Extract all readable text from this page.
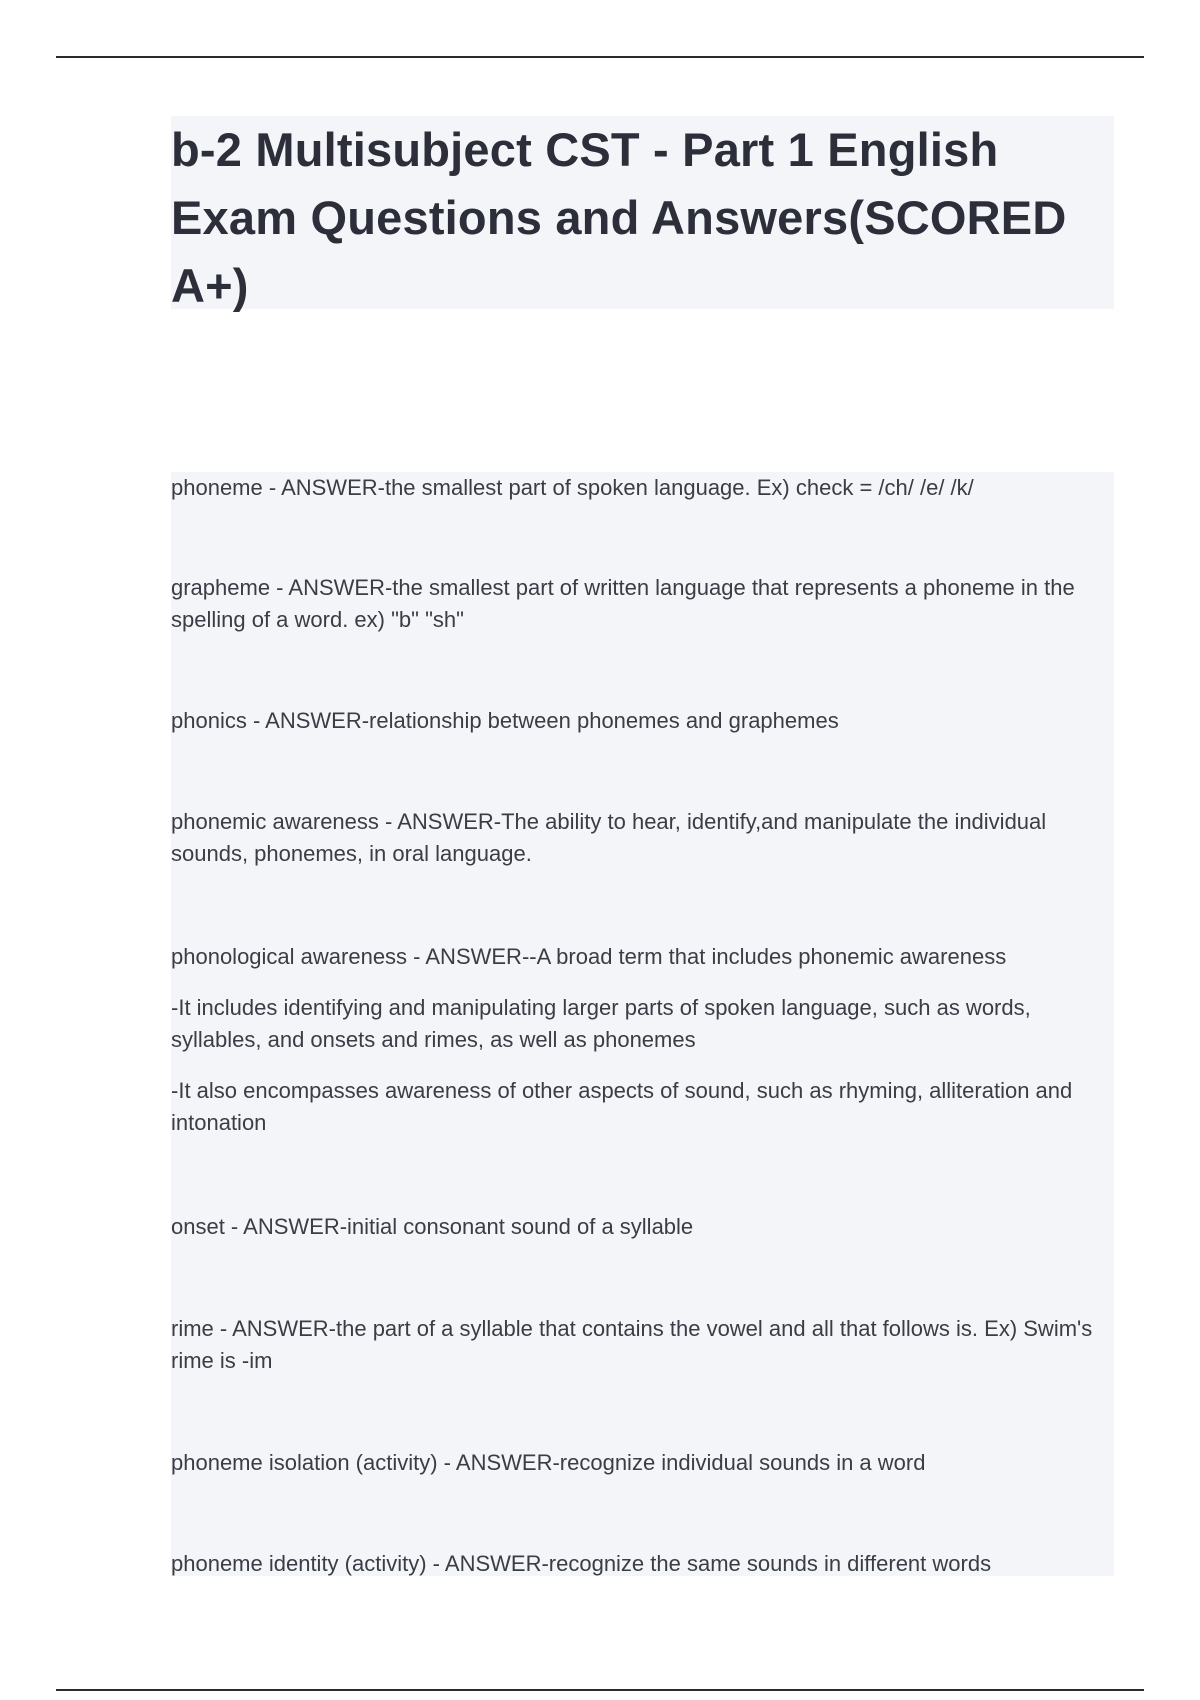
b-2 Multisubject CST - Part 1 English Exam Questions and Answers(SCORED A+)

phoneme - ANSWER-the smallest part of spoken language. Ex) check = /ch/ /e/ /k/

grapheme - ANSWER-the smallest part of written language that represents a phoneme in the spelling of a word. ex) "b" "sh"

phonics - ANSWER-relationship between phonemes and graphemes

phonemic awareness - ANSWER-The ability to hear, identify,and manipulate the individual sounds, phonemes, in oral language.

phonological awareness - ANSWER--A broad term that includes phonemic awareness

-It includes identifying and manipulating larger parts of spoken language, such as words, syllables, and onsets and rimes, as well as phonemes

-It also encompasses awareness of other aspects of sound, such as rhyming, alliteration and intonation

onset - ANSWER-initial consonant sound of a syllable

rime - ANSWER-the part of a syllable that contains the vowel and all that follows is. Ex) Swim's rime is -im

phoneme isolation (activity) - ANSWER-recognize individual sounds in a word

phoneme identity (activity) - ANSWER-recognize the same sounds in different words
